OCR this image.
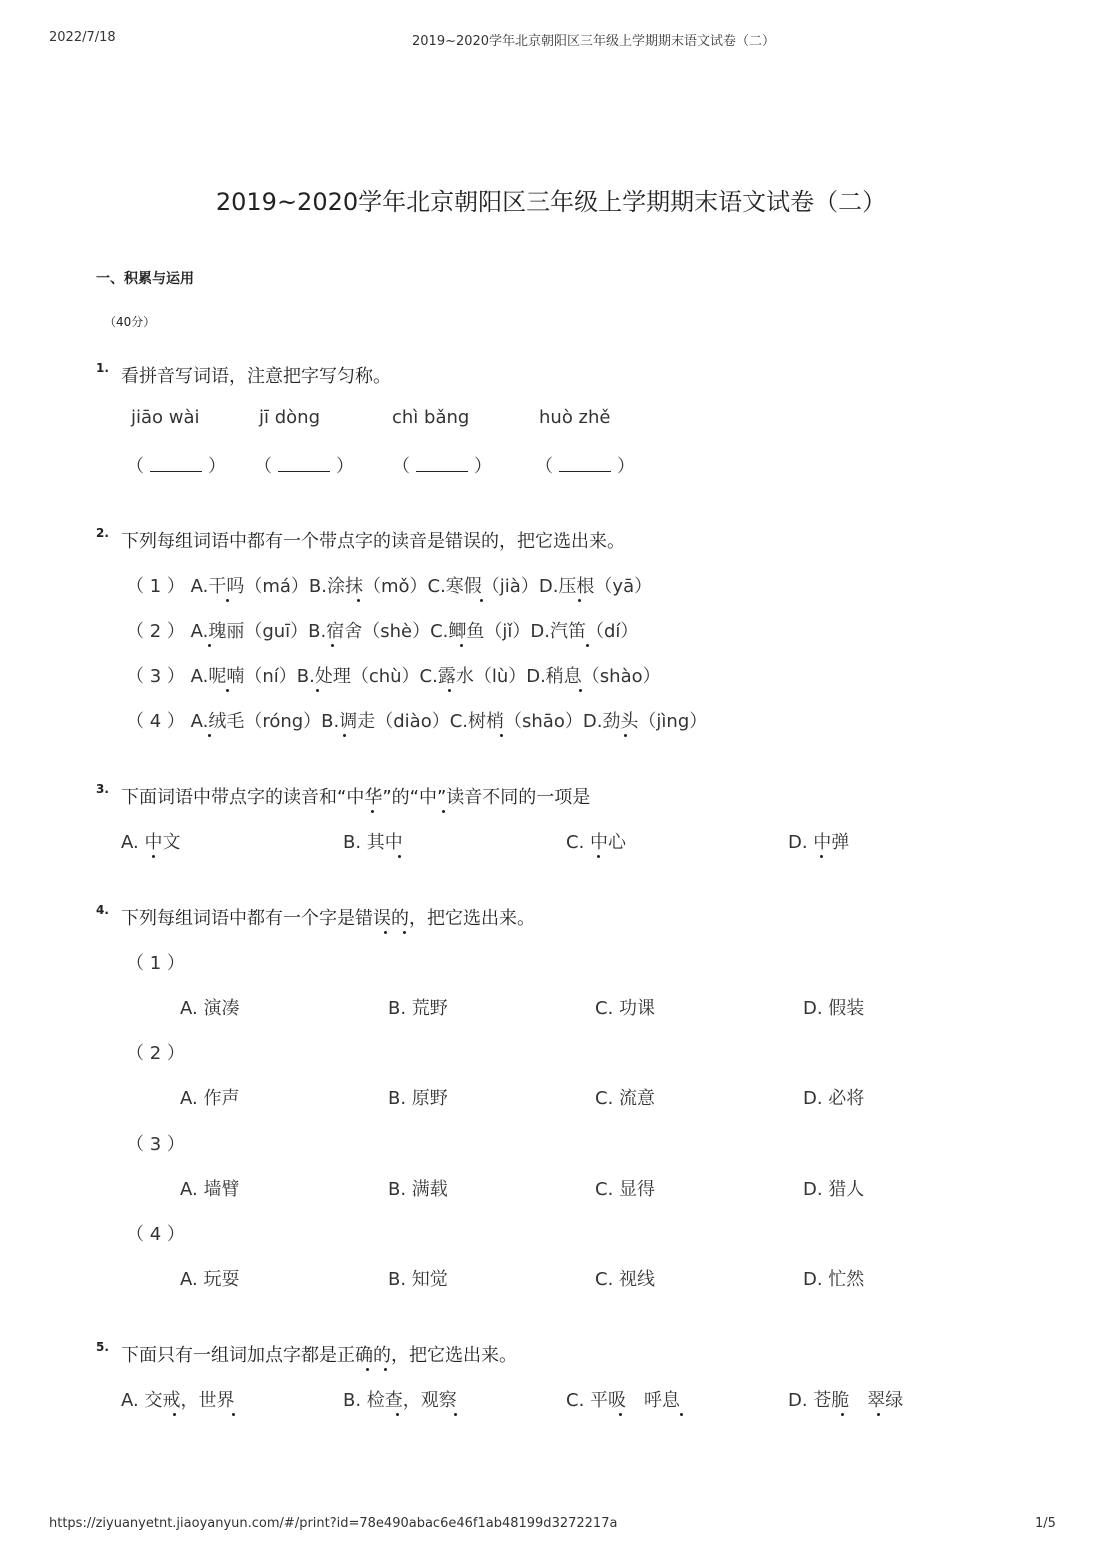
2022/7/18	2019~2020学年北京朝阳区三年级上学期期末语文试卷（二）
2019~2020学年北京朝阳区三年级上学期期末语文试卷（二）
一、积累与运用
（40分）
1. 看拼音写词语，注意把字写匀称。
jiāo wài	jī dòng	chì bǎng	huò zhě
（	） （	） （	） （	）
2. 下列每组词语中都有一个带点字的读音是错误的，把它选出来。
（ 1 ） A.干吗（má）B.涂抹（mǒ）C.寒假（jià）D.压根（yā）
（ 2 ） A.瑰丽（guī）B.宿舍（shè）C.鲫鱼（jǐ）D.汽笛（dí）
（ 3 ） A.呢喃（ní）B.处理（chù）C.露水（lù）D.稍息（shào）
（ 4 ） A.绒毛（róng）B.调走（diào）C.树梢（shāo）D.劲头（jìng）
3. 下面词语中带点字的读音和“中华”的“中”读音不同的一项是
A. 中文	B. 其中	C. 中心	D. 中弹
4. 下列每组词语中都有一个字是错误的，把它选出来。
（ 1 ）
A. 演凑	B. 荒野	C. 功课	D. 假装
（ 2 ）
A. 作声	B. 原野	C. 流意	D. 必将
（ 3 ）
A. 墙臂	B. 满载	C. 显得	D. 猎人
（ 4 ）
A. 玩耍	B. 知觉	C. 视线	D. 忙然
5. 下面只有一组词加点字都是正确的，把它选出来。
A. 交戒，世界	B. 检查，观察	C. 平吸　呼息	D. 苍脆　翠绿
https://ziyuanyetnt.jiaoyanyun.com/#/print?id=78e490abac6e46f1ab48199d3272217a	1/5
